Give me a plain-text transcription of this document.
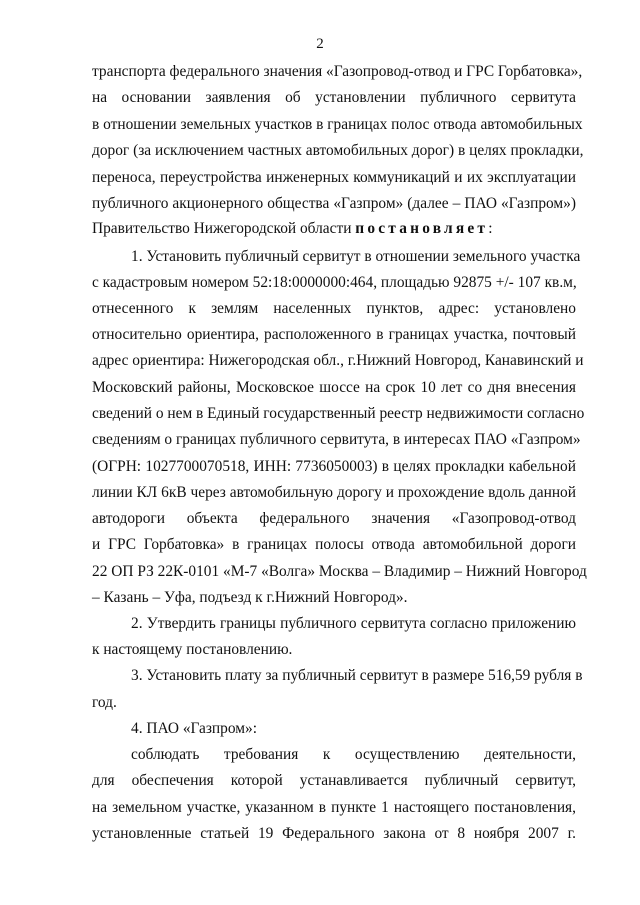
2
транспорта федерального значения «Газопровод-отвод и ГРС Горбатовка»,
на основании заявления об установлении публичного сервитута
в отношении земельных участков в границах полос отвода автомобильных
дорог (за исключением частных автомобильных дорог) в целях прокладки,
переноса, переустройства инженерных коммуникаций и их эксплуатации
публичного акционерного общества «Газпром» (далее – ПАО «Газпром»)
Правительство Нижегородской области постановляет:
1. Установить публичный сервитут в отношении земельного участка
с кадастровым номером 52:18:0000000:464, площадью 92875 +/- 107 кв.м,
отнесенного к землям населенных пунктов, адрес: установлено
относительно ориентира, расположенного в границах участка, почтовый
адрес ориентира: Нижегородская обл., г.Нижний Новгород, Канавинский и
Московский районы, Московское шоссе на срок 10 лет со дня внесения
сведений о нем в Единый государственный реестр недвижимости согласно
сведениям о границах публичного сервитута, в интересах ПАО «Газпром»
(ОГРН: 1027700070518, ИНН: 7736050003) в целях прокладки кабельной
линии КЛ 6кВ через автомобильную дорогу и прохождение вдоль данной
автодороги объекта федерального значения «Газопровод-отвод
и ГРС Горбатовка» в границах полосы отвода автомобильной дороги
22 ОП РЗ 22К-0101 «М-7 «Волга» Москва – Владимир – Нижний Новгород
– Казань – Уфа, подъезд к г.Нижний Новгород».
2. Утвердить границы публичного сервитута согласно приложению
к настоящему постановлению.
3. Установить плату за публичный сервитут в размере 516,59 рубля в
год.
4. ПАО «Газпром»:
соблюдать требования к осуществлению деятельности,
для обеспечения которой устанавливается публичный сервитут,
на земельном участке, указанном в пункте 1 настоящего постановления,
установленные статьей 19 Федерального закона от 8 ноября 2007 г.
